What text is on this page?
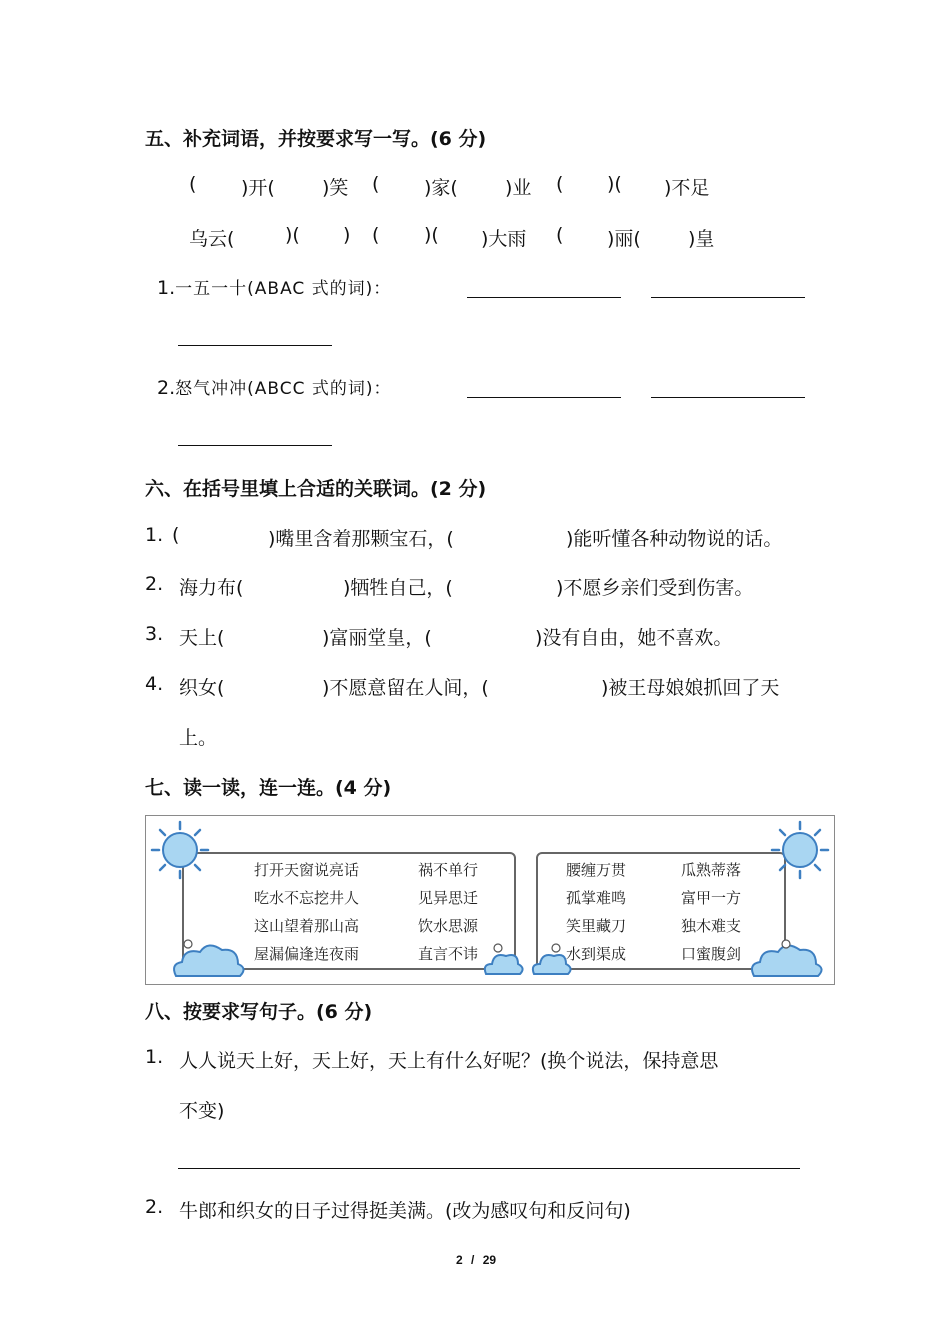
五、补充词语，并按要求写一写。(6 分)
( )开( )笑 ( )家( )业 ( )( )不足
乌云(	)( ) ( )( )大雨 ( )丽( )皇
1.一五一十(ABAC 式的词)：
2.怒气冲冲(ABCC 式的词)：
六、在括号里填上合适的关联词。(2 分)
1. (	)嘴里含着那颗宝石，(	)能听懂各种动物说的话。
2. 海力布(	)牺牲自己，(	)不愿乡亲们受到伤害。
3. 天上(	)富丽堂皇，(	)没有自由，她不喜欢。
4. 织女(	)不愿意留在人间，(	)被王母娘娘抓回了天
上。
七、读一读，连一连。(4 分)
打开天窗说亮话
吃水不忘挖井人
这山望着那山高
屋漏偏逢连夜雨
祸不单行
见异思迁
饮水思源
直言不讳
腰缠万贯
孤掌难鸣
笑里藏刀
水到渠成
瓜熟蒂落
富甲一方
独木难支
口蜜腹剑
八、按要求写句子。(6 分)
1. 人人说天上好，天上好，天上有什么好呢？(换个说法，保持意思
不变)
2. 牛郎和织女的日子过得挺美满。(改为感叹句和反问句)
2 / 29
